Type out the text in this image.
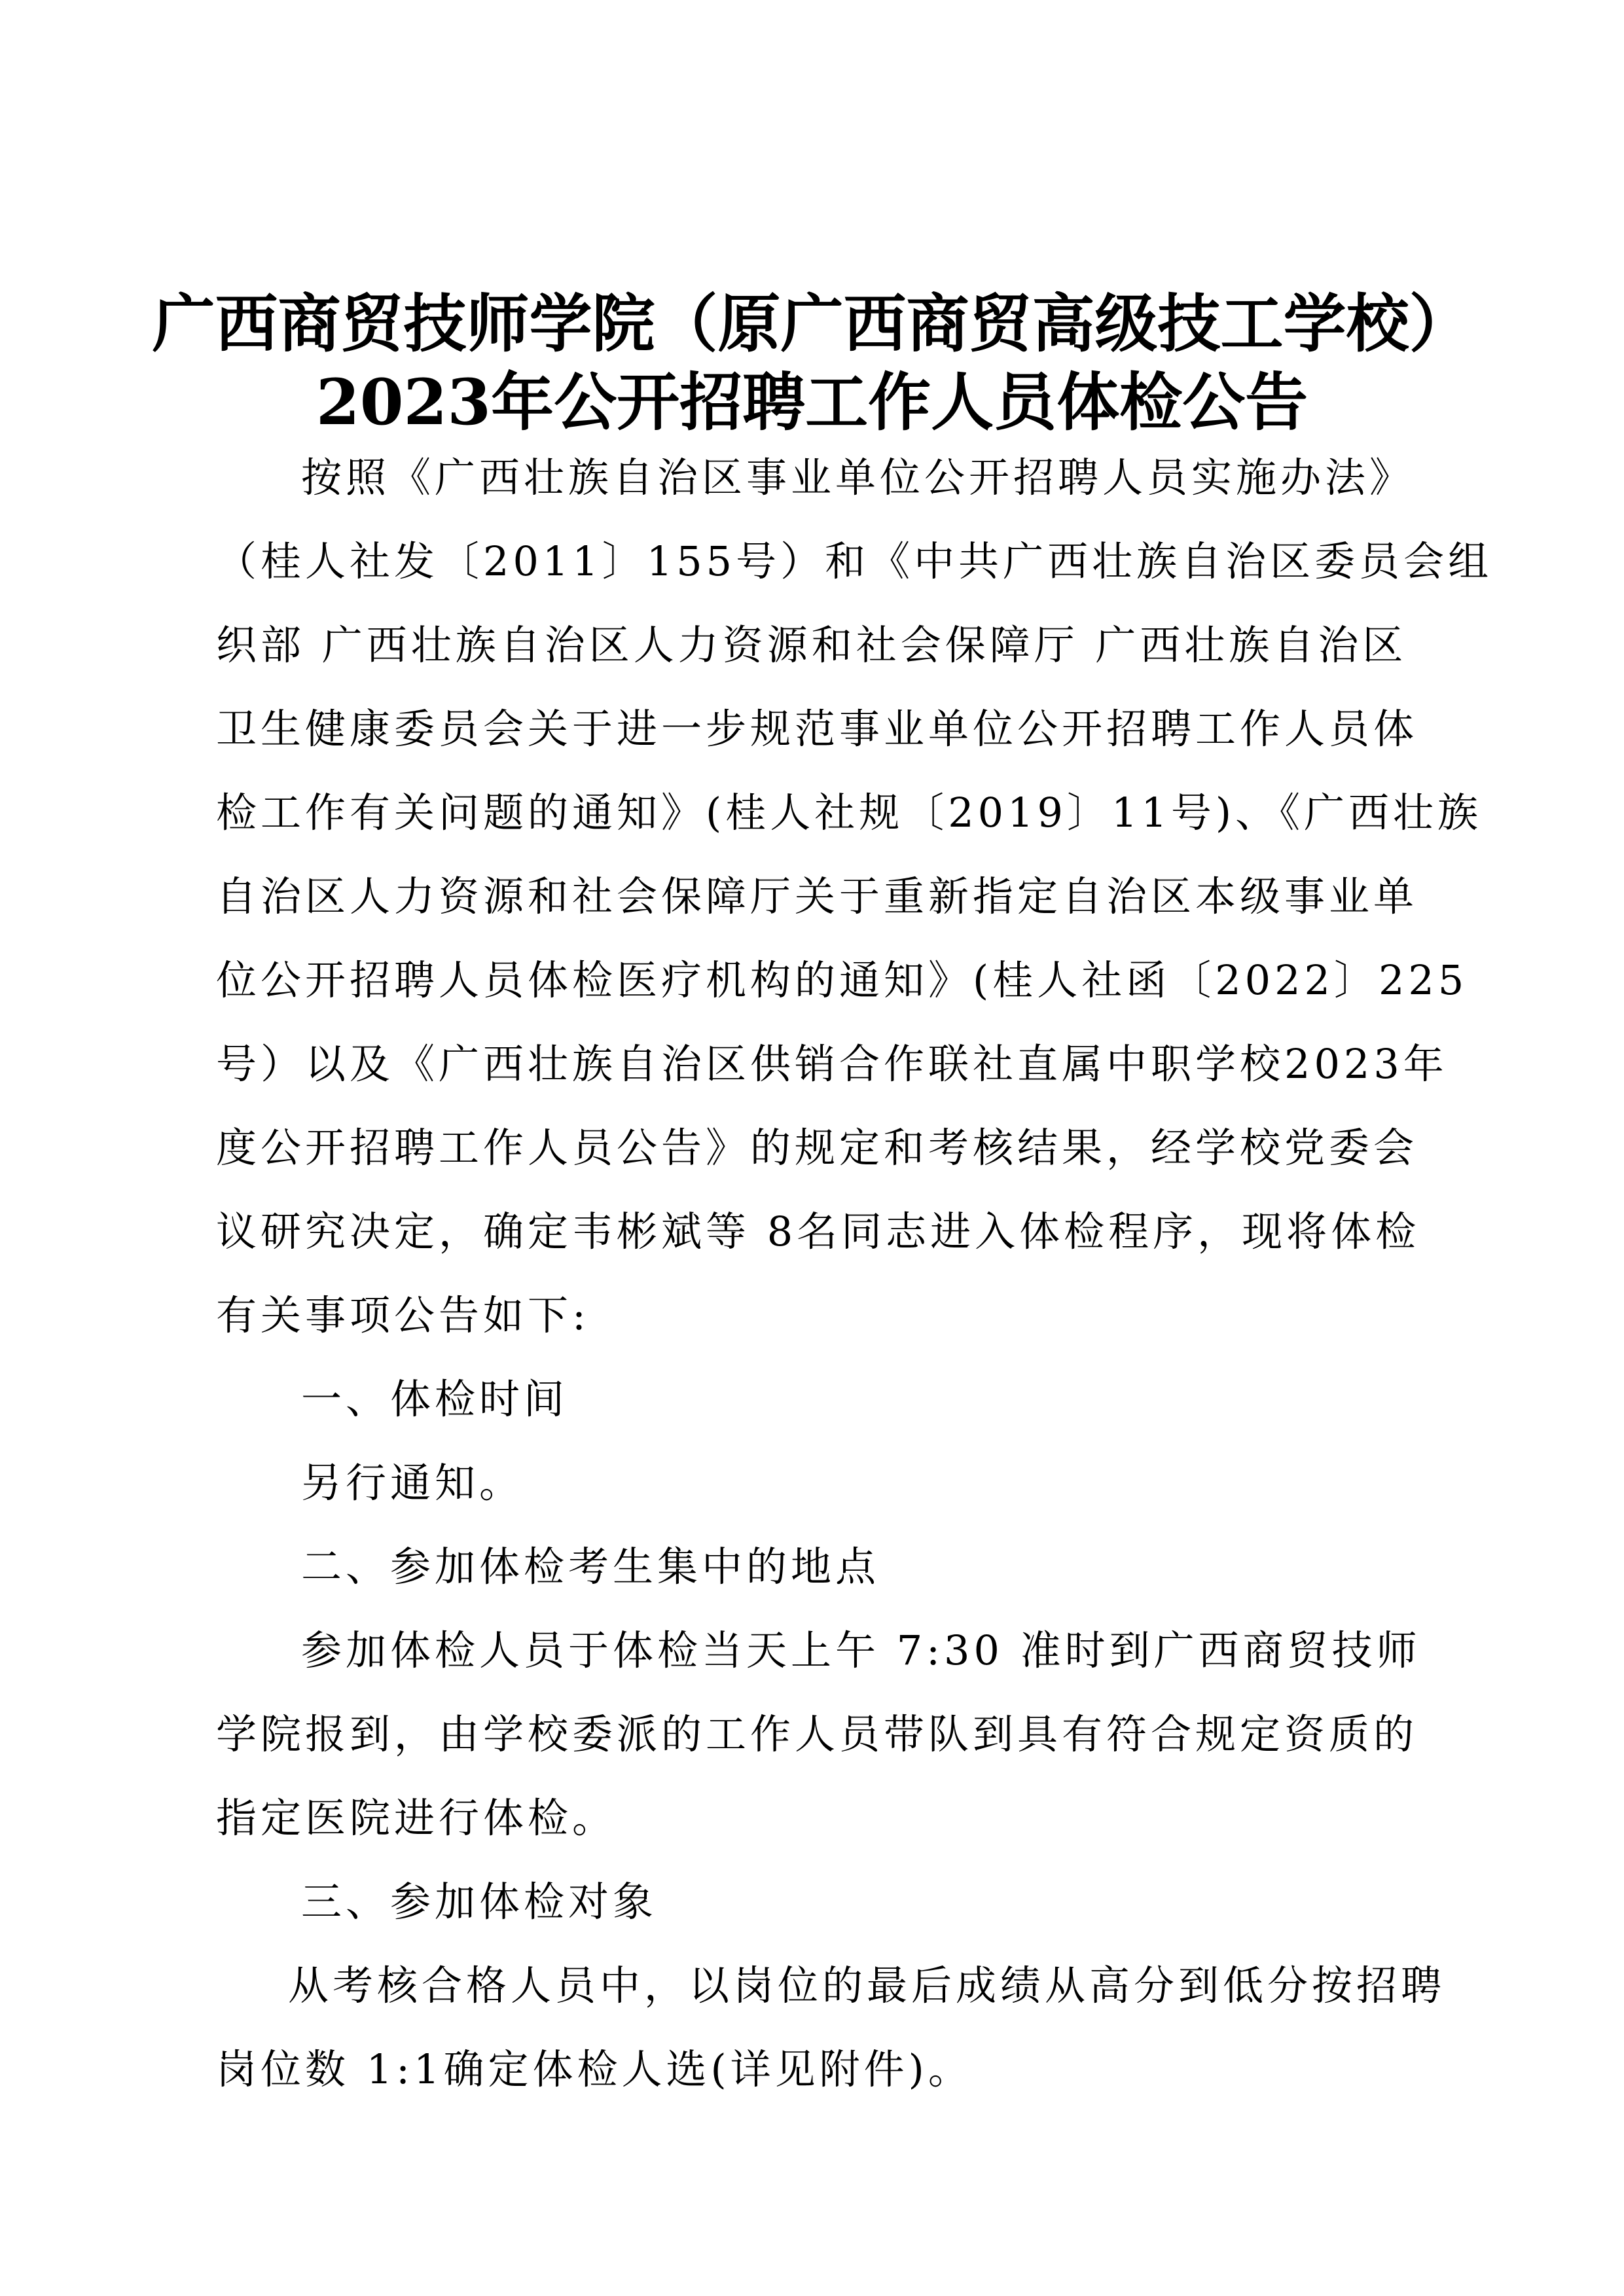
广西商贸技师学院（原广西商贸高级技工学校）
2023年公开招聘工作人员体检公告
按照《广西壮族自治区事业单位公开招聘人员实施办法》
（桂人社发〔2011〕155号）和《中共广西壮族自治区委员会组
织部 广西壮族自治区人力资源和社会保障厅 广西壮族自治区
卫生健康委员会关于进一步规范事业单位公开招聘工作人员体
检工作有关问题的通知》(桂人社规〔2019〕11号)、《广西壮族
自治区人力资源和社会保障厅关于重新指定自治区本级事业单
位公开招聘人员体检医疗机构的通知》(桂人社函〔2022〕225
号）以及《广西壮族自治区供销合作联社直属中职学校2023年
度公开招聘工作人员公告》的规定和考核结果，经学校党委会
议研究决定，确定韦彬斌等 8名同志进入体检程序，现将体检
有关事项公告如下:
一、体检时间
另行通知。
二、参加体检考生集中的地点
参加体检人员于体检当天上午 7:30 准时到广西商贸技师
学院报到，由学校委派的工作人员带队到具有符合规定资质的
指定医院进行体检。
三、参加体检对象
从考核合格人员中，以岗位的最后成绩从高分到低分按招聘
岗位数 1:1确定体检人选(详见附件)。
